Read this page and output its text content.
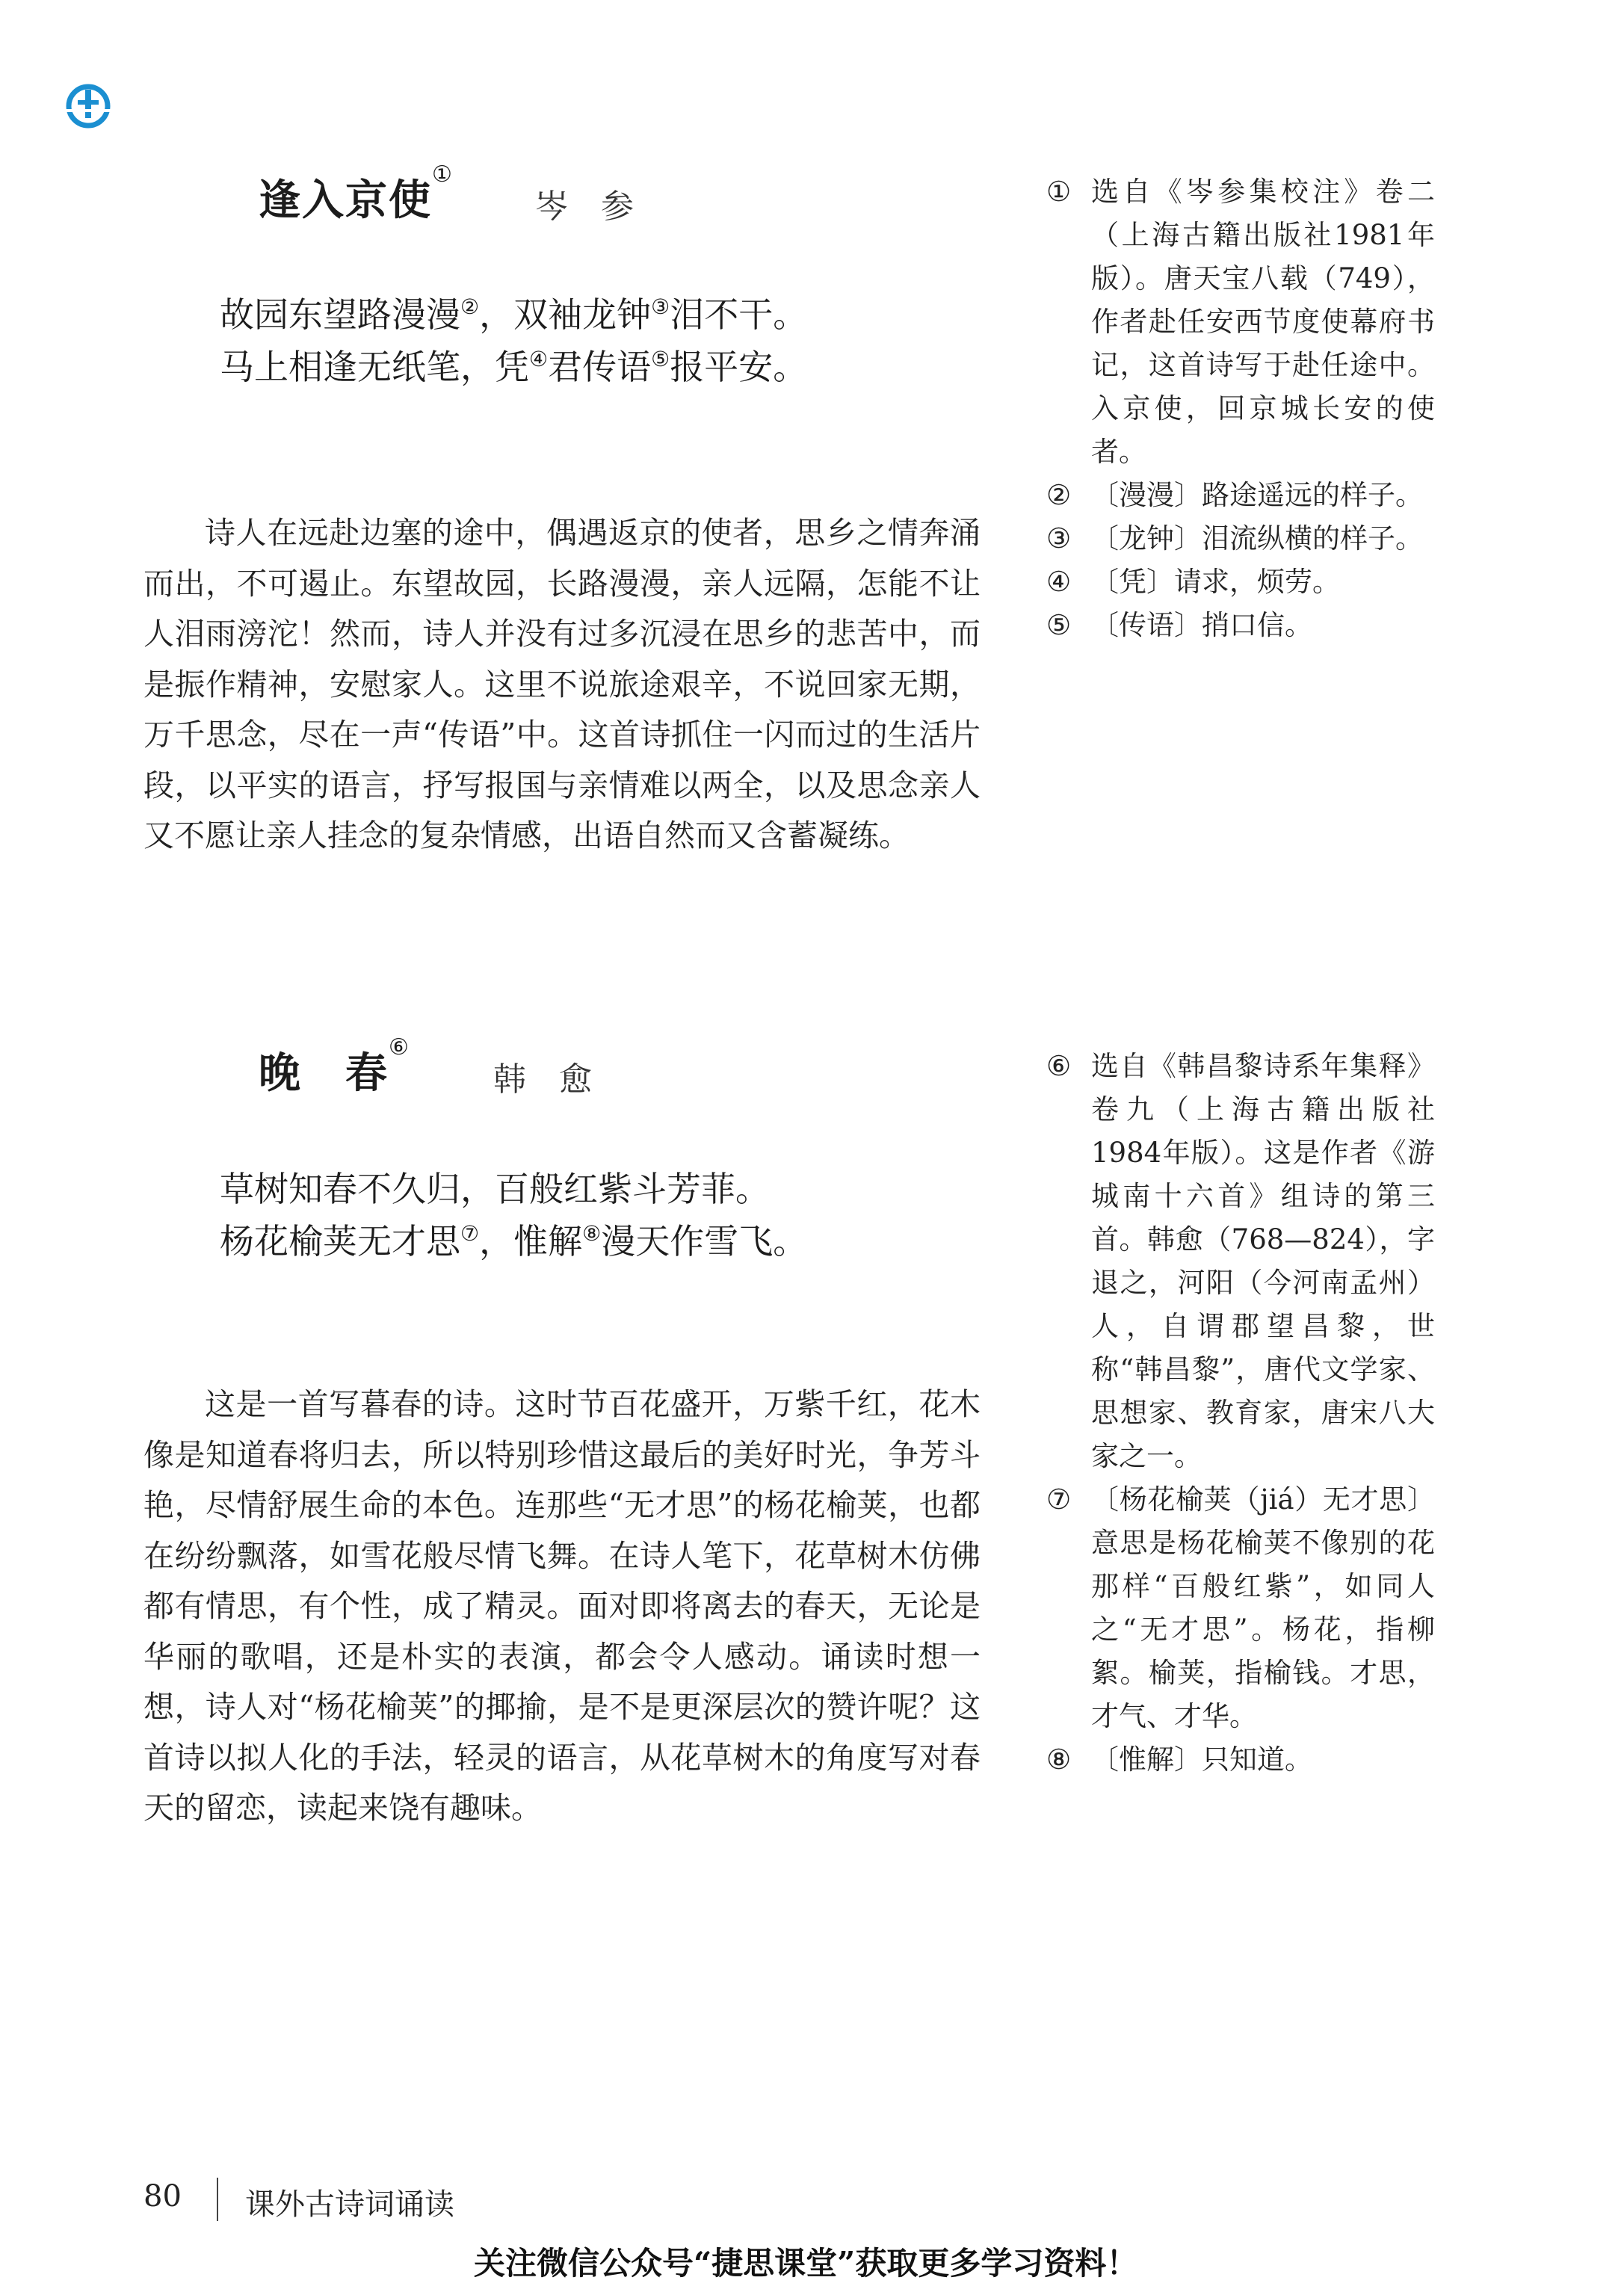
逢入京使①
岑　参
故园东望路漫漫②，双袖龙钟③泪不干。
马上相逢无纸笔，凭④君传语⑤报平安。
诗人在远赴边塞的途中，偶遇返京的使者，思乡之情奔涌而出，不可遏止。东望故园，长路漫漫，亲人远隔，怎能不让人泪雨滂沱！然而，诗人并没有过多沉浸在思乡的悲苦中，而是振作精神，安慰家人。这里不说旅途艰辛，不说回家无期，万千思念，尽在一声“传语”中。这首诗抓住一闪而过的生活片段，以平实的语言，抒写报国与亲情难以两全，以及思念亲人又不愿让亲人挂念的复杂情感，出语自然而又含蓄凝练。
① 选自《岑参集校注》卷二（上海古籍出版社1981年版）。唐天宝八载（749），作者赴任安西节度使幕府书记，这首诗写于赴任途中。入京使，回京城长安的使者。
② 〔漫漫〕路途遥远的样子。
③ 〔龙钟〕泪流纵横的样子。
④ 〔凭〕请求，烦劳。
⑤ 〔传语〕捎口信。
晚　春⑥
韩　愈
草树知春不久归，百般红紫斗芳菲。
杨花榆荚无才思⑦，惟解⑧漫天作雪飞。
这是一首写暮春的诗。这时节百花盛开，万紫千红，花木像是知道春将归去，所以特别珍惜这最后的美好时光，争芳斗艳，尽情舒展生命的本色。连那些“无才思”的杨花榆荚，也都在纷纷飘落，如雪花般尽情飞舞。在诗人笔下，花草树木仿佛都有情思，有个性，成了精灵。面对即将离去的春天，无论是华丽的歌唱，还是朴实的表演，都会令人感动。诵读时想一想，诗人对“杨花榆荚”的揶揄，是不是更深层次的赞许呢？这首诗以拟人化的手法，轻灵的语言，从花草树木的角度写对春天的留恋，读起来饶有趣味。
⑥ 选自《韩昌黎诗系年集释》卷九（上海古籍出版社1984年版）。这是作者《游城南十六首》组诗的第三首。韩愈（768—824），字退之，河阳（今河南孟州）人，自谓郡望昌黎，世称“韩昌黎”，唐代文学家、思想家、教育家，唐宋八大家之一。
⑦ 〔杨花榆荚（jiá）无才思〕意思是杨花榆荚不像别的花那样“百般红紫”，如同人之“无才思”。杨花，指柳絮。榆荚，指榆钱。才思，才气、才华。
⑧ 〔惟解〕只知道。
80 课外古诗词诵读
关注微信公众号“捷思课堂”获取更多学习资料！
